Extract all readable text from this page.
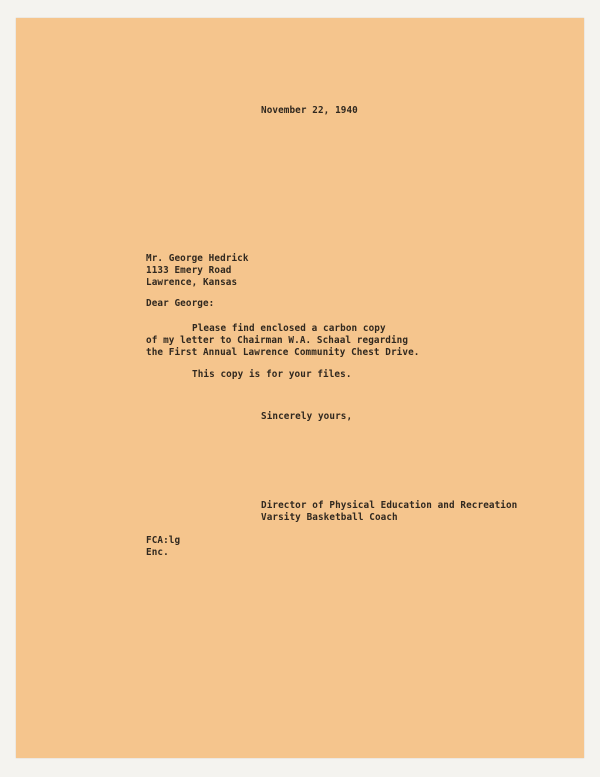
November 22, 1940
Mr. George Hedrick
1133 Emery Road
Lawrence, Kansas
Dear George:
Please find enclosed a carbon copy
of my letter to Chairman W.A. Schaal regarding
the First Annual Lawrence Community Chest Drive.
This copy is for your files.
Sincerely yours,
Director of Physical Education and Recreation
Varsity Basketball Coach
FCA:lg
Enc.
